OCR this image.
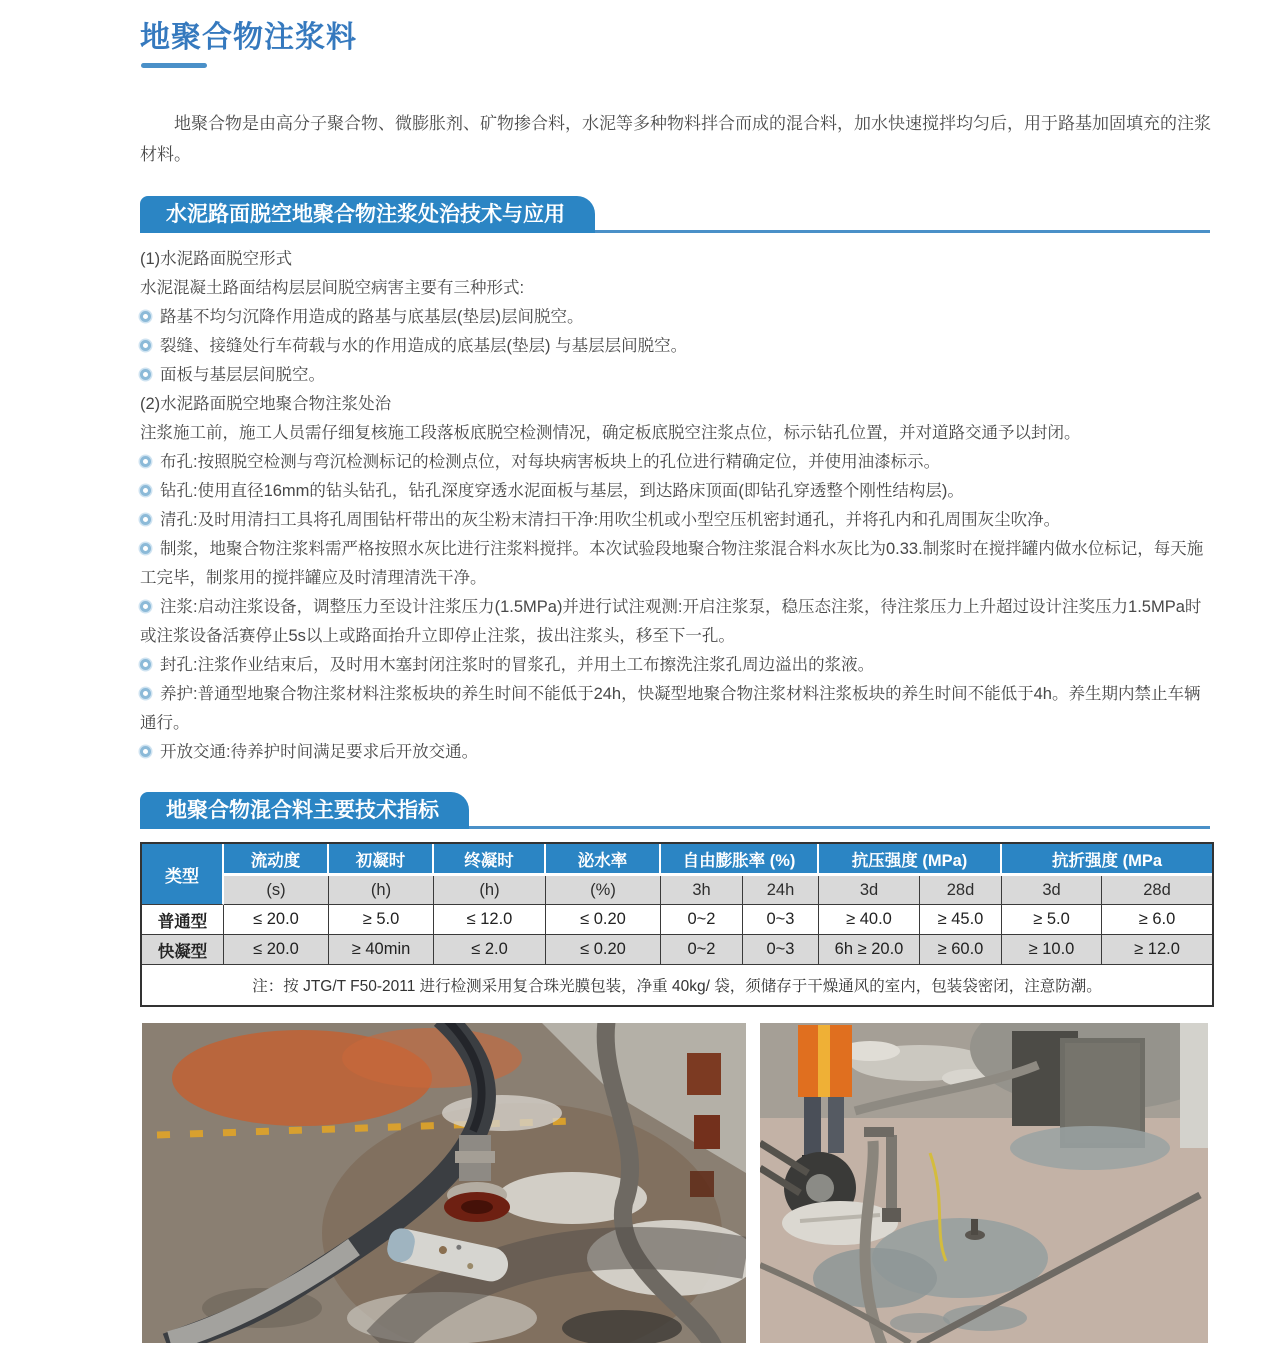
地聚合物注浆料
地聚合物是由高分子聚合物、微膨胀剂、矿物掺合料，水泥等多种物料拌合而成的混合料，加水快速搅拌均匀后，用于路基加固填充的注浆材料。
水泥路面脱空地聚合物注浆处治技术与应用
(1)水泥路面脱空形式
水泥混凝土路面结构层层间脱空病害主要有三种形式:
路基不均匀沉降作用造成的路基与底基层(垫层)层间脱空。
裂缝、接缝处行车荷载与水的作用造成的底基层(垫层) 与基层层间脱空。
面板与基层层间脱空。
(2)水泥路面脱空地聚合物注浆处治
注浆施工前，施工人员需仔细复核施工段落板底脱空检测情况，确定板底脱空注浆点位，标示钻孔位置，并对道路交通予以封闭。
布孔:按照脱空检测与弯沉检测标记的检测点位，对每块病害板块上的孔位进行精确定位，并使用油漆标示。
钻孔:使用直径16mm的钻头钻孔，钻孔深度穿透水泥面板与基层，到达路床顶面(即钻孔穿透整个刚性结构层)。
清孔:及时用清扫工具将孔周围钻杆带出的灰尘粉末清扫干净:用吹尘机或小型空压机密封通孔，并将孔内和孔周围灰尘吹净。
制浆，地聚合物注浆料需严格按照水灰比进行注浆料搅拌。本次试验段地聚合物注浆混合料水灰比为0.33.制浆时在搅拌罐内做水位标记，每天施工完毕，制浆用的搅拌罐应及时清理清洗干净。
注浆:启动注浆设备，调整压力至设计注浆压力(1.5MPa)并进行试注观测:开启注浆泵，稳压态注浆，待注浆压力上升超过设计注奖压力1.5MPa时或注浆设备活赛停止5s以上或路面抬升立即停止注浆，拔出注浆头，移至下一孔。
封孔:注浆作业结束后，及时用木塞封闭注浆时的冒浆孔，并用土工布擦洗注浆孔周边溢出的浆液。
养护:普通型地聚合物注浆材料注浆板块的养生时间不能低于24h，快凝型地聚合物注浆材料注浆板块的养生时间不能低于4h。养生期内禁止车辆通行。
开放交通:待养护时间满足要求后开放交通。
地聚合物混合料主要技术指标
类型	流动度	初凝时	终凝时	泌水率	自由膨胀率 (%)		抗压强度 (MPa)		抗折强度 (MPa	
	(s)	(h)	(h)	(%)	3h	24h	3d	28d	3d	28d
普通型	≤ 20.0	≥ 5.0	≤ 12.0	≤ 0.20	0~2	0~3	≥ 40.0	≥ 45.0	≥ 5.0	≥ 6.0
快凝型	≤ 20.0	≥ 40min	≤ 2.0	≤ 0.20	0~2	0~3	6h ≥ 20.0	≥ 60.0	≥ 10.0	≥ 12.0
注：按 JTG/T F50-2011 进行检测采用复合珠光膜包装，净重 40kg/ 袋，须储存于干燥通风的室内，包装袋密闭，注意防潮。										
